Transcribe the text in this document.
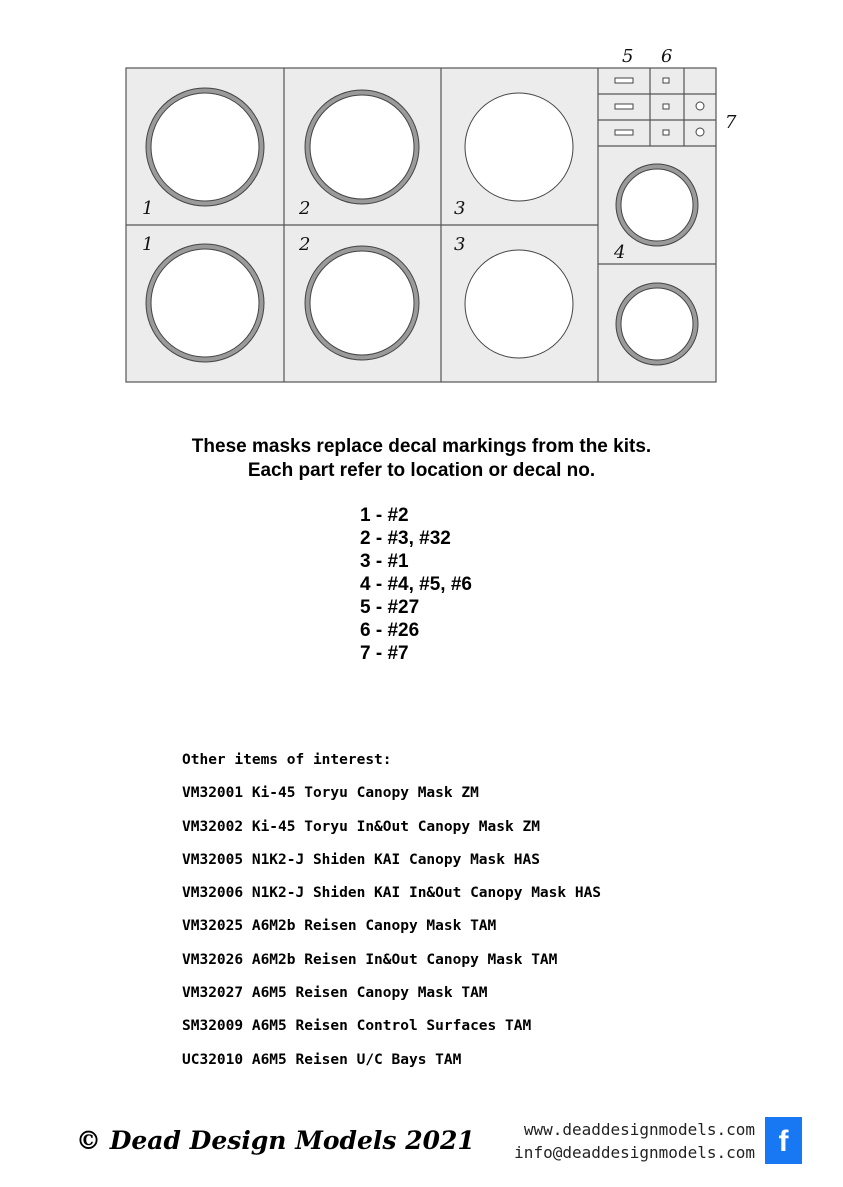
1	2	3
1	2	3	4
5 6
7
These masks replace decal markings from the kits.
Each part refer to location or decal no.
1 - #2
2 - #3, #32
3 - #1
4 - #4, #5, #6
5 - #27
6 - #26
7 - #7
Other items of interest:
VM32001 Ki-45 Toryu Canopy Mask ZM
VM32002 Ki-45 Toryu In&Out Canopy Mask ZM
VM32005 N1K2-J Shiden KAI Canopy Mask HAS
VM32006 N1K2-J Shiden KAI In&Out Canopy Mask HAS
VM32025 A6M2b Reisen Canopy Mask TAM
VM32026 A6M2b Reisen In&Out Canopy Mask TAM
VM32027 A6M5 Reisen Canopy Mask TAM
SM32009 A6M5 Reisen Control Surfaces TAM
UC32010 A6M5 Reisen U/C Bays TAM
© Dead Design Models 2021	www.deaddesignmodels.com
info@deaddesignmodels.com f
